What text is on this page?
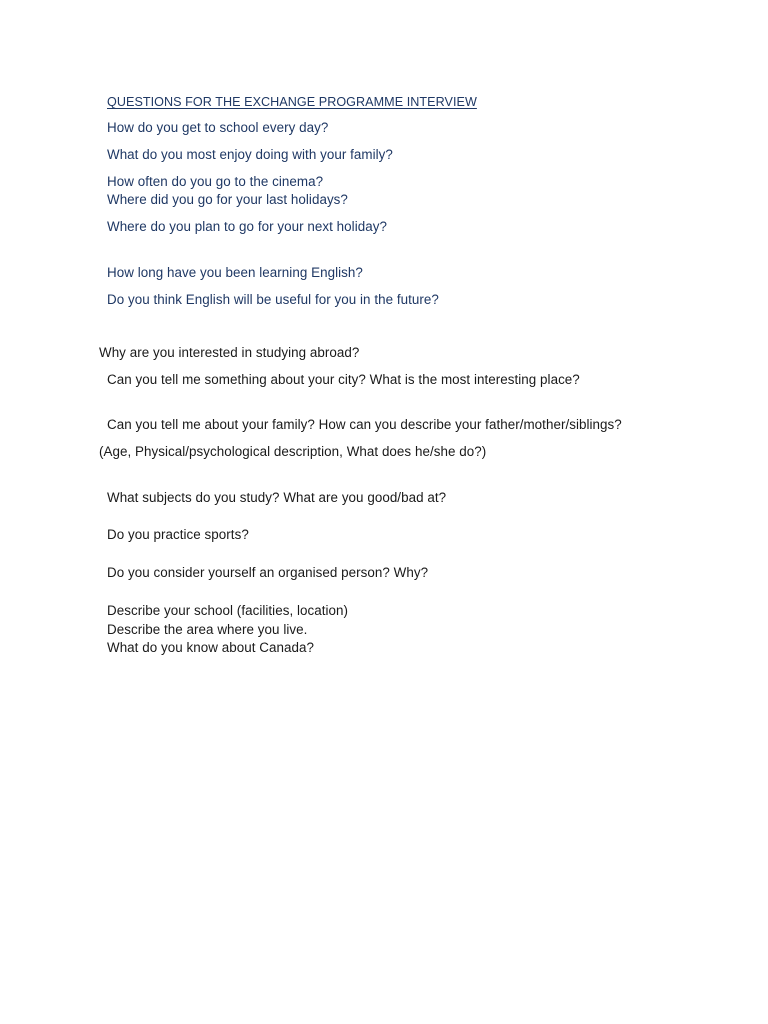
QUESTIONS FOR THE EXCHANGE PROGRAMME INTERVIEW
How do you get to school every day?
What do you most enjoy doing with your family?
How often do you go to the cinema?
Where did you go for your last holidays?
Where do you plan to go for your next holiday?
How long have you been learning English?
Do you think English will be useful for you in the future?
Why are you interested in studying abroad?
Can you tell me something about your city? What is the most interesting place?
Can you tell me about your family? How can you describe your father/mother/siblings?
(Age, Physical/psychological description, What does he/she do?)
What subjects do you study? What are you good/bad at?
Do you practice sports?
Do you consider yourself an organised person? Why?
Describe your school (facilities, location)
Describe the area where you live.
What do you know about Canada?
